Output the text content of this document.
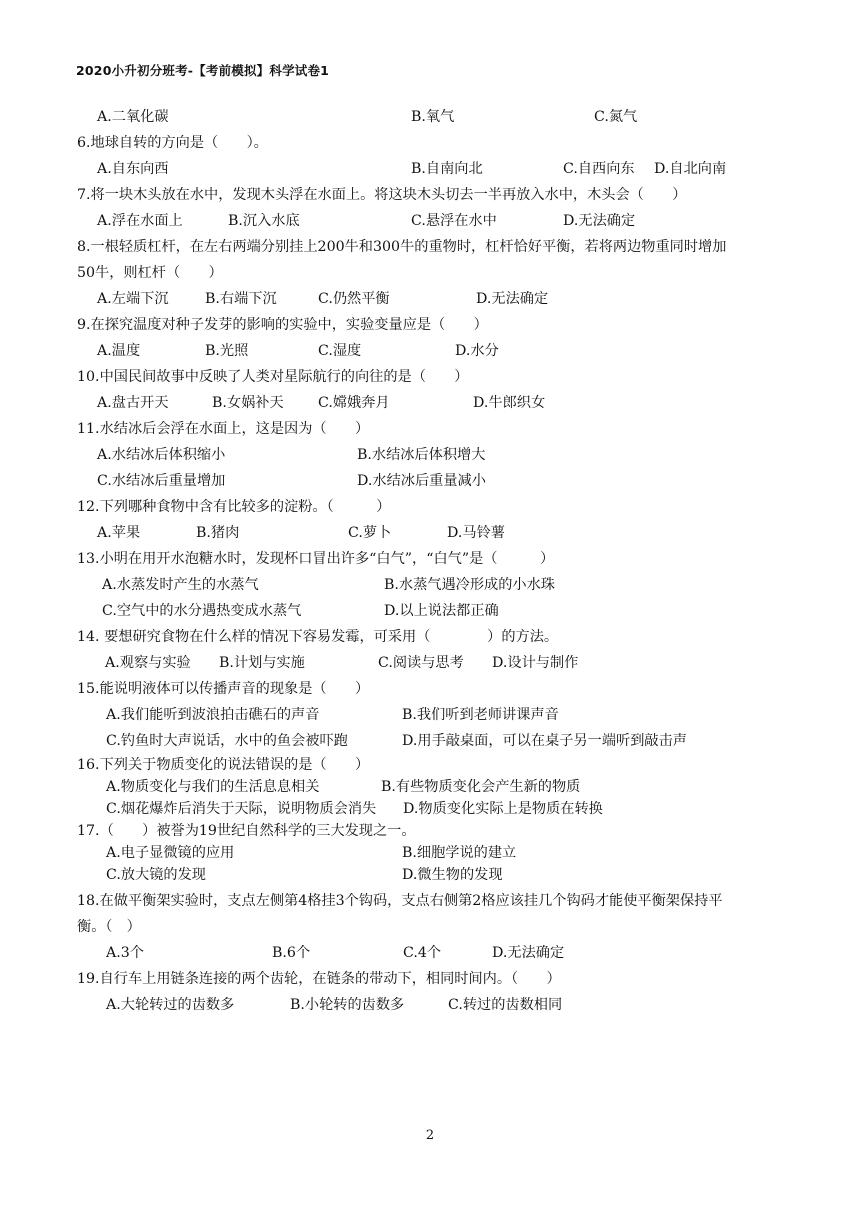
2020小升初分班考-【考前模拟】科学试卷1
A.二氧化碳	B.氧气	C.氮气
6.地球自转的方向是（　　）。
A.自东向西	B.自南向北	C.自西向东 D.自北向南
7.将一块木头放在水中，发现木头浮在水面上。将这块木头切去一半再放入水中，木头会（　　）
A.浮在水面上	B.沉入水底	C.悬浮在水中	D.无法确定
8.一根轻质杠杆，在左右两端分别挂上200牛和300牛的重物时，杠杆恰好平衡，若将两边物重同时增加
50牛，则杠杆（　　）
A.左端下沉	B.右端下沉	C.仍然平衡	D.无法确定
9.在探究温度对种子发芽的影响的实验中，实验变量应是（　　）
A.温度	B.光照	C.湿度	D.水分
10.中国民间故事中反映了人类对星际航行的向往的是（　　）
A.盘古开天	B.女娲补天 C.嫦娥奔月	D.牛郎织女
11.水结冰后会浮在水面上，这是因为（　　）
A.水结冰后体积缩小	B.水结冰后体积增大
C.水结冰后重量增加	D.水结冰后重量减小
12.下列哪种食物中含有比较多的淀粉。（　　　）
A.苹果	B.猪肉	C.萝卜	D.马铃薯
13.小明在用开水泡糖水时，发现杯口冒出许多“白气”，“白气”是（　　　）
A.水蒸发时产生的水蒸气	B.水蒸气遇冷形成的小水珠
C.空气中的水分遇热变成水蒸气	D.以上说法都正确
14. 要想研究食物在什么样的情况下容易发霉，可采用（　　　　）的方法。
A.观察与实验 B.计划与实施	C.阅读与思考 D.设计与制作
15.能说明液体可以传播声音的现象是（　　）
A.我们能听到波浪拍击礁石的声音	B.我们听到老师讲课声音
C.钓鱼时大声说话，水中的鱼会被吓跑	D.用手敲桌面，可以在桌子另一端听到敲击声
16.下列关于物质变化的说法错误的是（　　）
A.物质变化与我们的生活息息相关	B.有些物质变化会产生新的物质
C.烟花爆炸后消失于天际，说明物质会消失 D.物质变化实际上是物质在转换
17.（　　）被誉为19世纪自然科学的三大发现之一。
A.电子显微镜的应用	B.细胞学说的建立
C.放大镜的发现	D.微生物的发现
18.在做平衡架实验时，支点左侧第4格挂3个钩码，支点右侧第2格应该挂几个钩码才能使平衡架保持平
衡。（　）
A.3个	B.6个	C.4个	D.无法确定
19.自行车上用链条连接的两个齿轮，在链条的带动下，相同时间内。（　　）
A.大轮转过的齿数多	B.小轮转的齿数多	C.转过的齿数相同
2
